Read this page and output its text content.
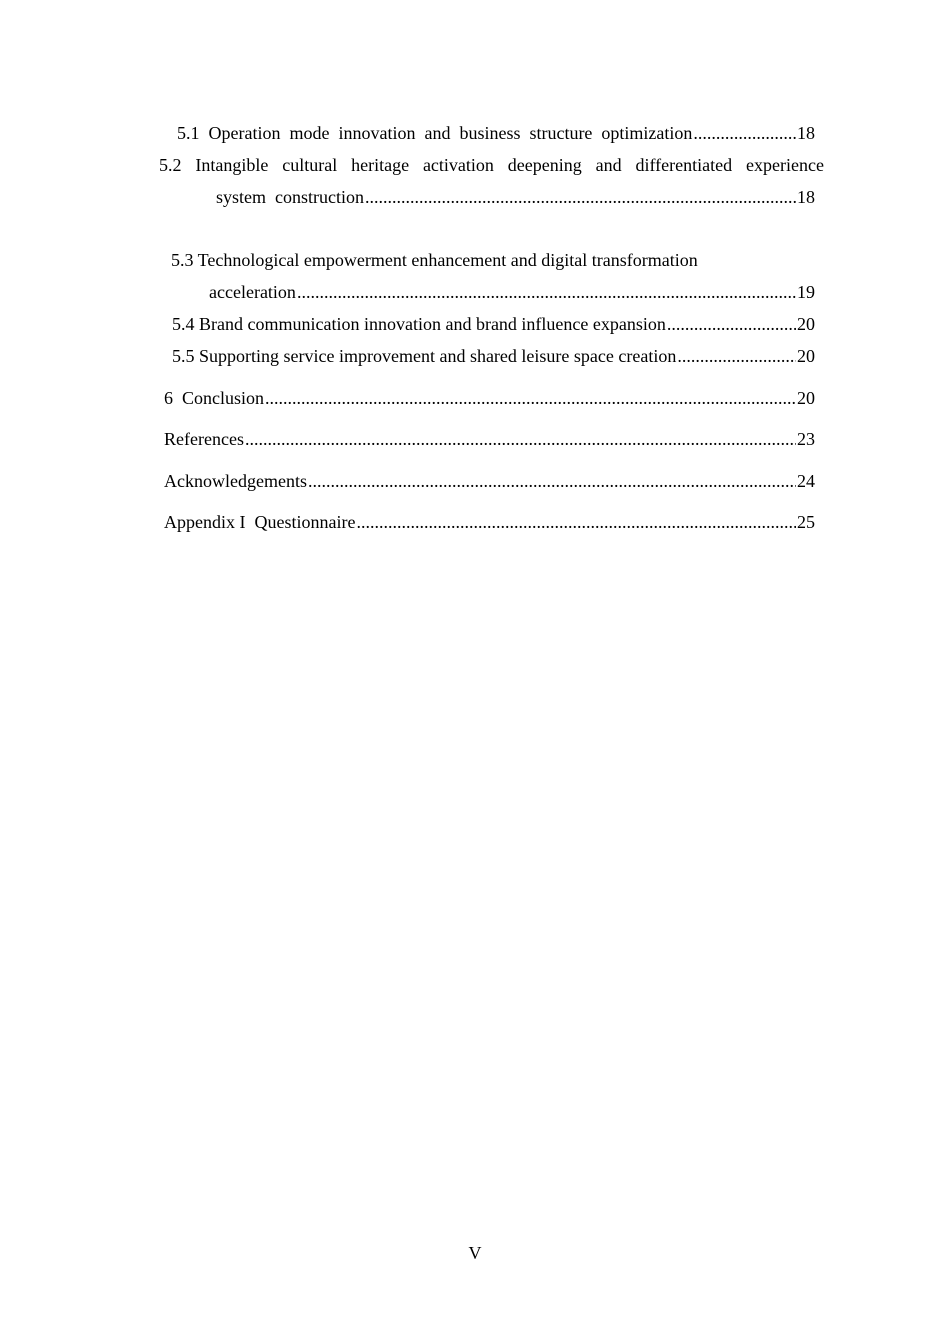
5.1  Operation  mode  innovation  and  business  structure  optimization .....	18
5.2 Intangible cultural heritage activation deepening and differentiated experience
system  construction .....	18
5.3 Technological empowerment enhancement and digital transformation
acceleration .....	19
5.4 Brand communication innovation and brand influence expansion .....	20
5.5 Supporting service improvement and shared leisure space creation .....	20
6  Conclusion .....	20
References .....	23
Acknowledgements .....	24
Appendix I  Questionnaire .....	25
V
